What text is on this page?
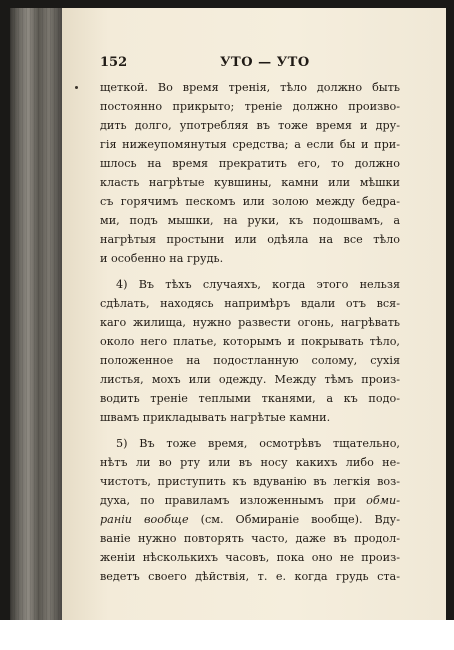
152	УТО — УТО
щеткой. Во время тренія, тѣло должно быть
постоянно прикрыто; треніе должно произво-
дить долго, употребляя въ тоже время и дру-
гія нижеупомянутыя средства; а если бы и при-
шлось на время прекратить его, то должно
класть нагрѣтые кувшины, камни или мѣшки
съ горячимъ пескомъ или золою между бедра-
ми, подъ мышки, на руки, къ подошвамъ, а
нагрѣтыя простыни или одѣяла на все тѣло
и особенно на грудь.
4) Въ тѣхъ случаяхъ, когда этого нельзя
сдѣлать, находясь напримѣръ вдали отъ вся-
каго жилища, нужно развести огонь, нагрѣвать
около него платье, которымъ и покрывать тѣло,
положенное на подостланную солому, сухія
листья, мохъ или одежду. Между тѣмъ произ-
водить треніе теплыми тканями, а къ подо-
швамъ прикладывать нагрѣтые камни.
5) Въ тоже время, осмотрѣвъ тщательно,
нѣтъ ли во рту или въ носу какихъ либо не-
чистотъ, приступить къ вдуванію въ легкія воз-
духа, по правиламъ изложеннымъ при обми-
раніи вообще (см. Обмираніе вообще). Вду-
ваніе нужно повторять часто, даже въ продол-
женіи нѣсколькихъ часовъ, пока оно не произ-
ведетъ своего дѣйствія, т. е. когда грудь ста-
